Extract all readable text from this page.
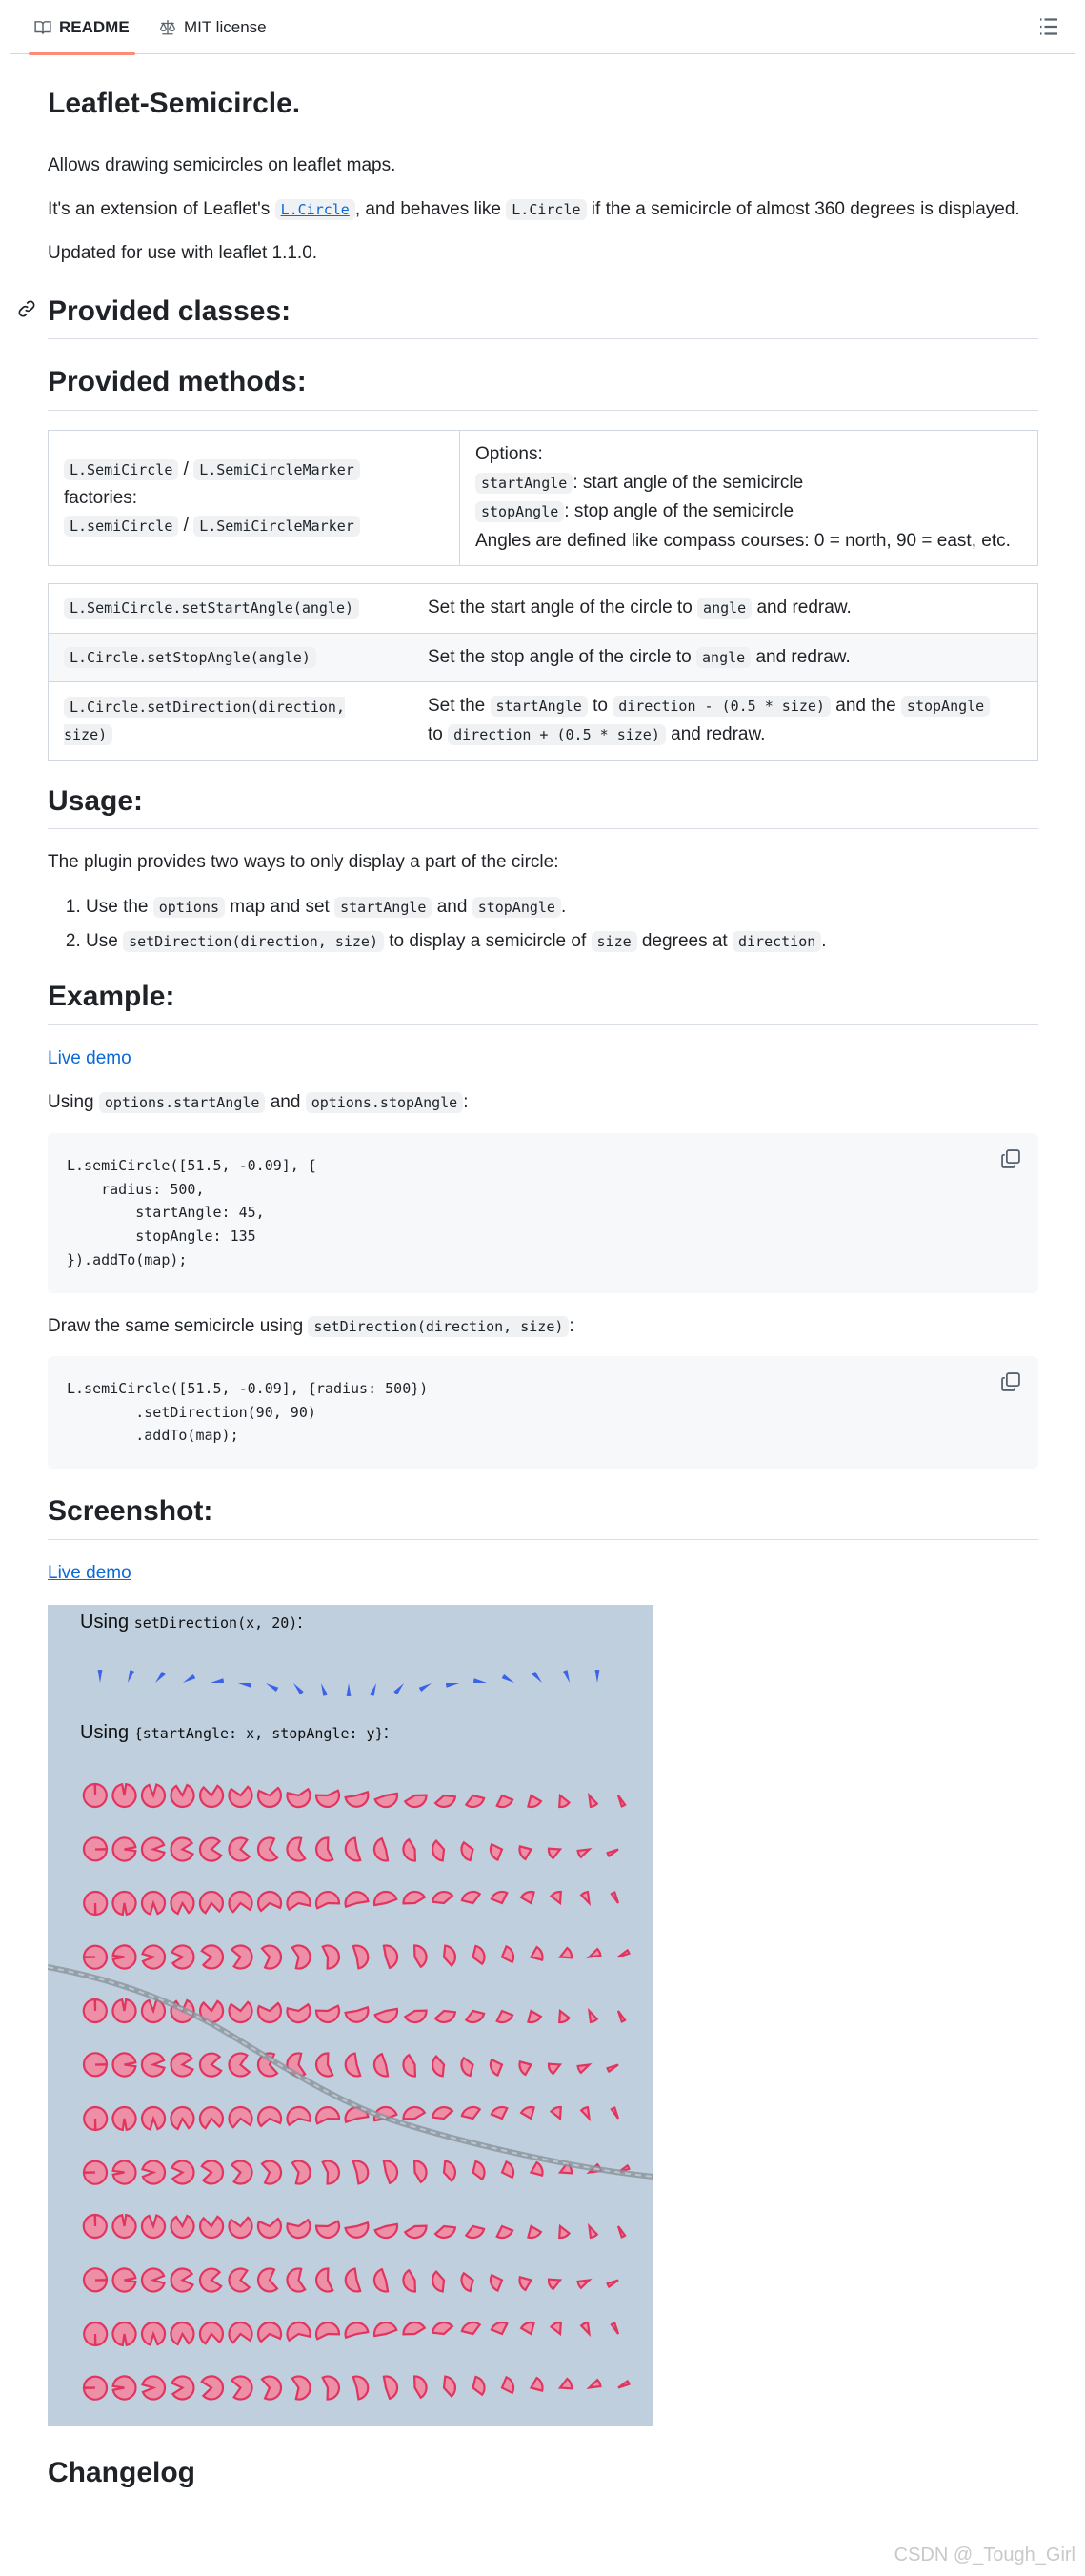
README	MIT license
Leaflet-Semicircle.

Allows drawing semicircles on leaflet maps.

It's an extension of Leaflet's L.Circle , and behaves like L.Circle if the a semicircle of almost 360 degrees is displayed.

Updated for use with leaflet 1.1.0.

Provided classes:
Provided methods:
L.SemiCircle / L.SemiCircleMarker
factories:
L.semiCircle / L.SemiCircleMarker	Options:
startAngle : start angle of the semicircle
stopAngle : stop angle of the semicircle
Angles are defined like compass courses: 0 = north, 90 = east, etc.
L.SemiCircle.setStartAngle(angle)	Set the start angle of the circle to angle and redraw.
L.Circle.setStopAngle(angle)	Set the stop angle of the circle to angle and redraw.
L.Circle.setDirection(direction, size)	Set the startAngle to direction - (0.5 * size) and the stopAngle
to direction + (0.5 * size) and redraw.
Usage:

The plugin provides two ways to only display a part of the circle:

1. Use the options map and set startAngle and stopAngle .
2. Use setDirection(direction, size) to display a semicircle of size degrees at direction .
Example:

Live demo

Using options.startAngle and options.stopAngle :

L.semiCircle([51.5, -0.09], {
radius: 500,
startAngle: 45,
stopAngle: 135
}).addTo(map);

Draw the same semicircle using setDirection(direction, size) :

L.semiCircle([51.5, -0.09], {radius: 500})
.setDirection(90, 90)
.addTo(map);
Screenshot:

Live demo

Using setDirection(x, 20):
Using {startAngle: x, stopAngle: y}:
Changelog
CSDN @_Tough_Girl
